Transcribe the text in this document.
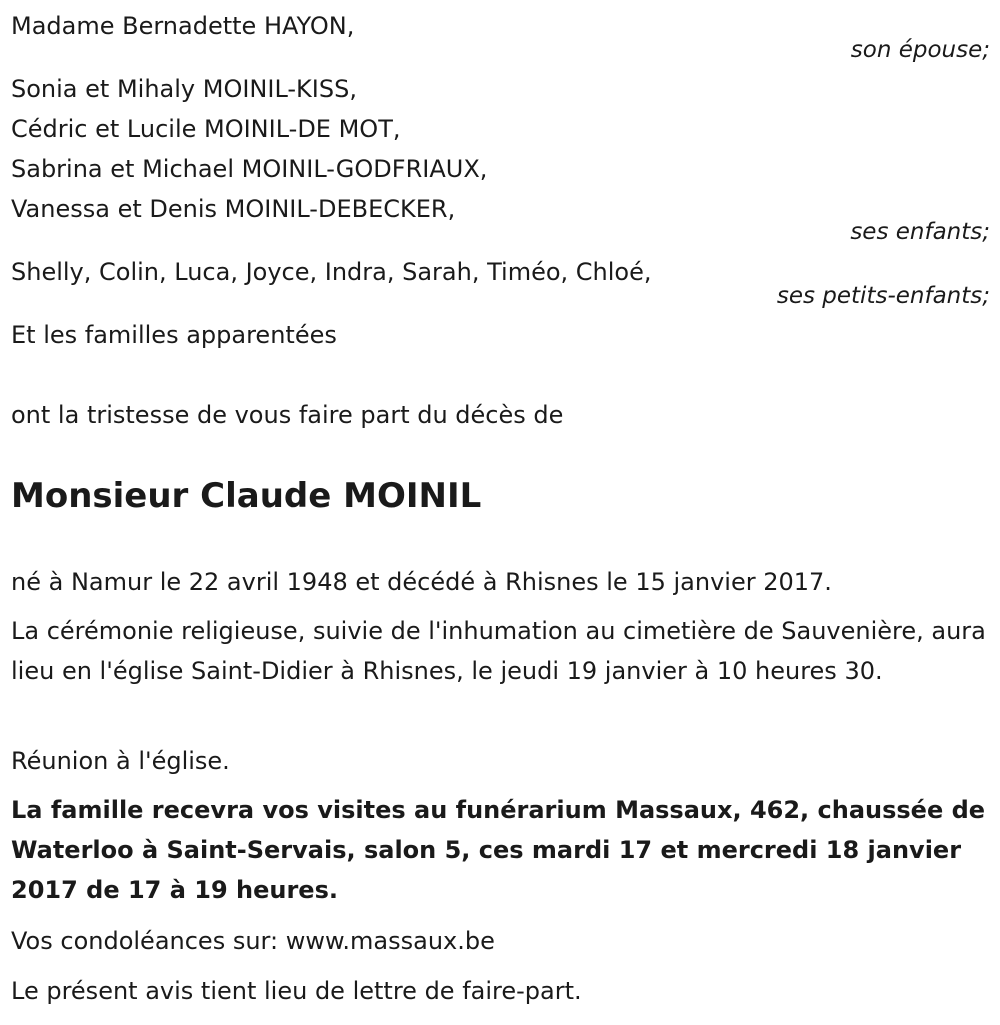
Madame Bernadette HAYON,
son épouse;
Sonia et Mihaly MOINIL-KISS,
Cédric et Lucile MOINIL-DE MOT,
Sabrina et Michael MOINIL-GODFRIAUX,
Vanessa et Denis MOINIL-DEBECKER,
ses enfants;
Shelly, Colin, Luca, Joyce, Indra, Sarah, Timéo, Chloé,
ses petits-enfants;
Et les familles apparentées
ont la tristesse de vous faire part du décès de
Monsieur Claude MOINIL
né à Namur le 22 avril 1948 et décédé à Rhisnes le 15 janvier 2017.
La cérémonie religieuse, suivie de l'inhumation au cimetière de Sauvenière, aura lieu en l'église Saint-Didier à Rhisnes, le jeudi 19 janvier à 10 heures 30.
Réunion à l'église.
La famille recevra vos visites au funérarium Massaux, 462, chaussée de Waterloo à Saint-Servais, salon 5, ces mardi 17 et mercredi 18 janvier 2017 de 17 à 19 heures.
Vos condoléances sur: www.massaux.be
Le présent avis tient lieu de lettre de faire-part.
